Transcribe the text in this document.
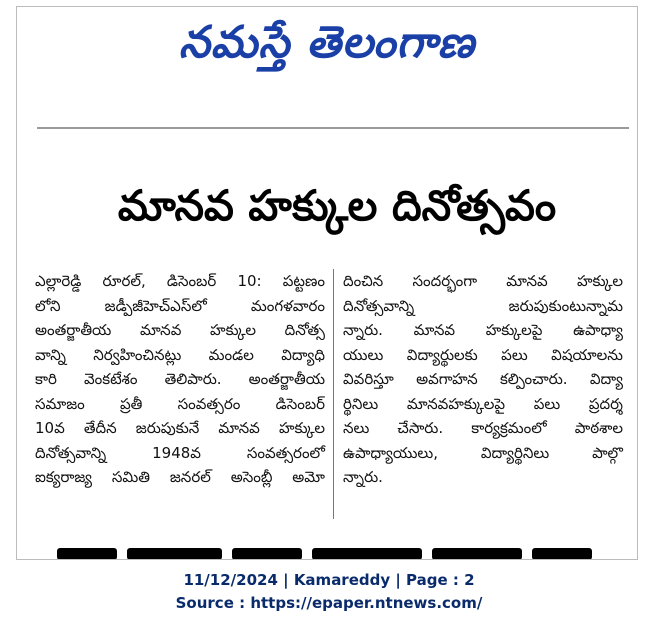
నమస్తే తెలంగాణ
మానవ హక్కుల దినోత్సవం
ఎల్లారెడ్డి రూరల్, డిసెంబర్ 10: పట్టణం
లోని జడ్పీజీహెచ్ఎస్‌లో మంగళవారం
అంతర్జాతీయ మానవ హక్కుల దినోత్స
వాన్ని నిర్వహించినట్లు మండల విద్యాధి
కారి వెంకటేశం తెలిపారు. అంతర్జాతీయ
సమాజం ప్రతీ సంవత్సరం డిసెంబర్
10వ తేదీన జరుపుకునే మానవ హక్కుల
దినోత్సవాన్ని 1948వ సంవత్సరంలో
ఐక్యరాజ్య సమితి జనరల్ అసెంబ్లీ అమో
దించిన సందర్భంగా మానవ హక్కుల
దినోత్సవాన్ని జరుపుకుంటున్నామ
న్నారు. మానవ హక్కులపై ఉపాధ్యా
యులు విద్యార్థులకు పలు విషయాలను
వివరిస్తూ అవగాహన కల్పించారు. విద్యా
ర్థినిలు మానవహక్కులపై పలు ప్రదర్శ
నలు చేసారు. కార్యక్రమంలో పాఠశాల
ఉపాధ్యాయులు, విద్యార్థినిలు పాల్గొ
న్నారు.
11/12/2024 | Kamareddy | Page : 2
Source : https://epaper.ntnews.com/
